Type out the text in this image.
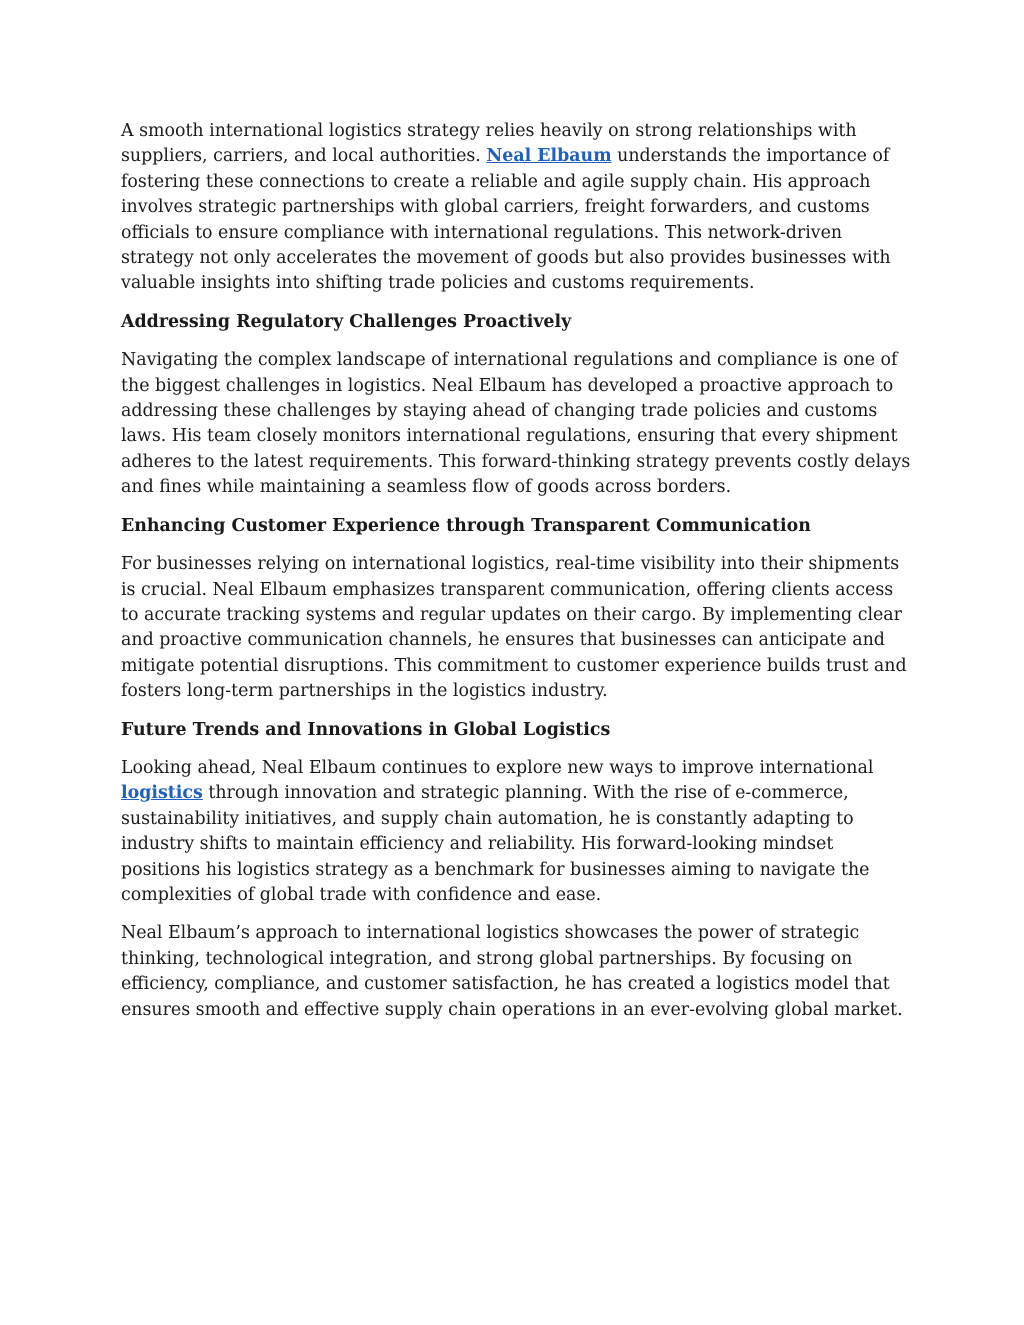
A smooth international logistics strategy relies heavily on strong relationships with suppliers, carriers, and local authorities. Neal Elbaum understands the importance of fostering these connections to create a reliable and agile supply chain. His approach involves strategic partnerships with global carriers, freight forwarders, and customs officials to ensure compliance with international regulations. This network-driven strategy not only accelerates the movement of goods but also provides businesses with valuable insights into shifting trade policies and customs requirements.

Addressing Regulatory Challenges Proactively

Navigating the complex landscape of international regulations and compliance is one of the biggest challenges in logistics. Neal Elbaum has developed a proactive approach to addressing these challenges by staying ahead of changing trade policies and customs laws. His team closely monitors international regulations, ensuring that every shipment adheres to the latest requirements. This forward-thinking strategy prevents costly delays and fines while maintaining a seamless flow of goods across borders.

Enhancing Customer Experience through Transparent Communication

For businesses relying on international logistics, real-time visibility into their shipments is crucial. Neal Elbaum emphasizes transparent communication, offering clients access to accurate tracking systems and regular updates on their cargo. By implementing clear and proactive communication channels, he ensures that businesses can anticipate and mitigate potential disruptions. This commitment to customer experience builds trust and fosters long-term partnerships in the logistics industry.

Future Trends and Innovations in Global Logistics

Looking ahead, Neal Elbaum continues to explore new ways to improve international logistics through innovation and strategic planning. With the rise of e-commerce, sustainability initiatives, and supply chain automation, he is constantly adapting to industry shifts to maintain efficiency and reliability. His forward-looking mindset positions his logistics strategy as a benchmark for businesses aiming to navigate the complexities of global trade with confidence and ease.

Neal Elbaum’s approach to international logistics showcases the power of strategic thinking, technological integration, and strong global partnerships. By focusing on efficiency, compliance, and customer satisfaction, he has created a logistics model that ensures smooth and effective supply chain operations in an ever-evolving global market.
